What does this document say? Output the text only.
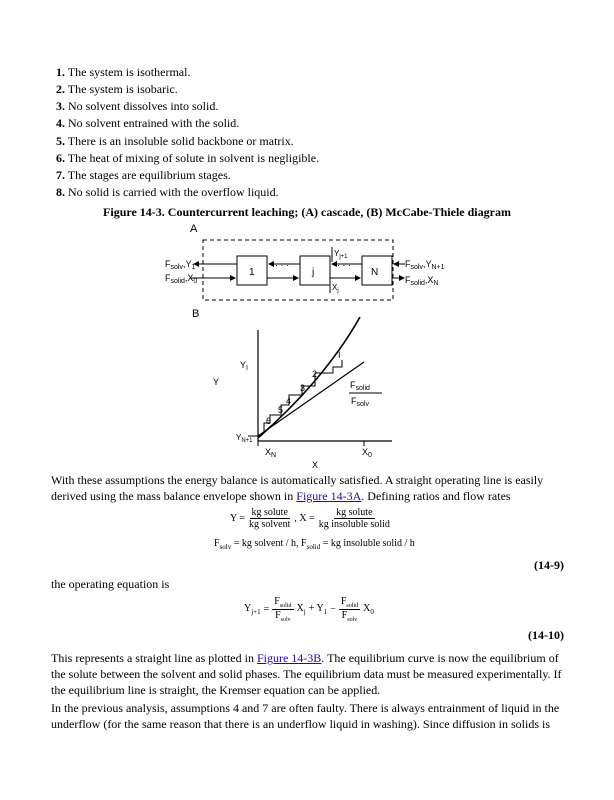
1. The system is isothermal.
2. The system is isobaric.
3. No solvent dissolves into solid.
4. No solvent entrained with the solid.
5. There is an insoluble solid backbone or matrix.
6. The heat of mixing of solute in solvent is negligible.
7. The stages are equilibrium stages.
8. No solid is carried with the overflow liquid.
Figure 14-3. Countercurrent leaching; (A) cascade, (B) McCabe-Thiele diagram
A
1	j	N
· · ·	· · ·
$F_{solv},Y_1$
$F_{solid},X_0$
$F_{solv},Y_{N+1}$
$F_{solid},X_N$
$Y_{j+1}$
$X_j$
B
I
2
3
4
5
6
$Y_I$
Y
X
$Y_{N+1}$
$X_N$	$X_0$
$F_{solid}$
$F_{solv}$
With these assumptions the energy balance is automatically satisfied. A straight operating line is easily derived using the mass balance envelope shown in Figure 14-3A. Defining ratios and flow rates
Y =
kg solute
kg solvent
, X =
kg solute
kg insoluble solid
$F_{solv}$ = kg solvent / h, $F_{solid}$ = kg insoluble solid / h
(14-9)
the operating equation is
$Y_{j+1}$ =
$F_{solid}$
$F_{solv}$
$X_j + Y_1$ −
$F_{solid}$
$F_{solv}$
$X_0$
(14-10)
This represents a straight line as plotted in Figure 14-3B. The equilibrium curve is now the equilibrium of the solute between the solvent and solid phases. The equilibrium data must be measured experimentally. If the equilibrium line is straight, the Kremser equation can be applied.
In the previous analysis, assumptions 4 and 7 are often faulty. There is always entrainment of liquid in the underflow (for the same reason that there is an underflow liquid in washing). Since diffusion in solids is
